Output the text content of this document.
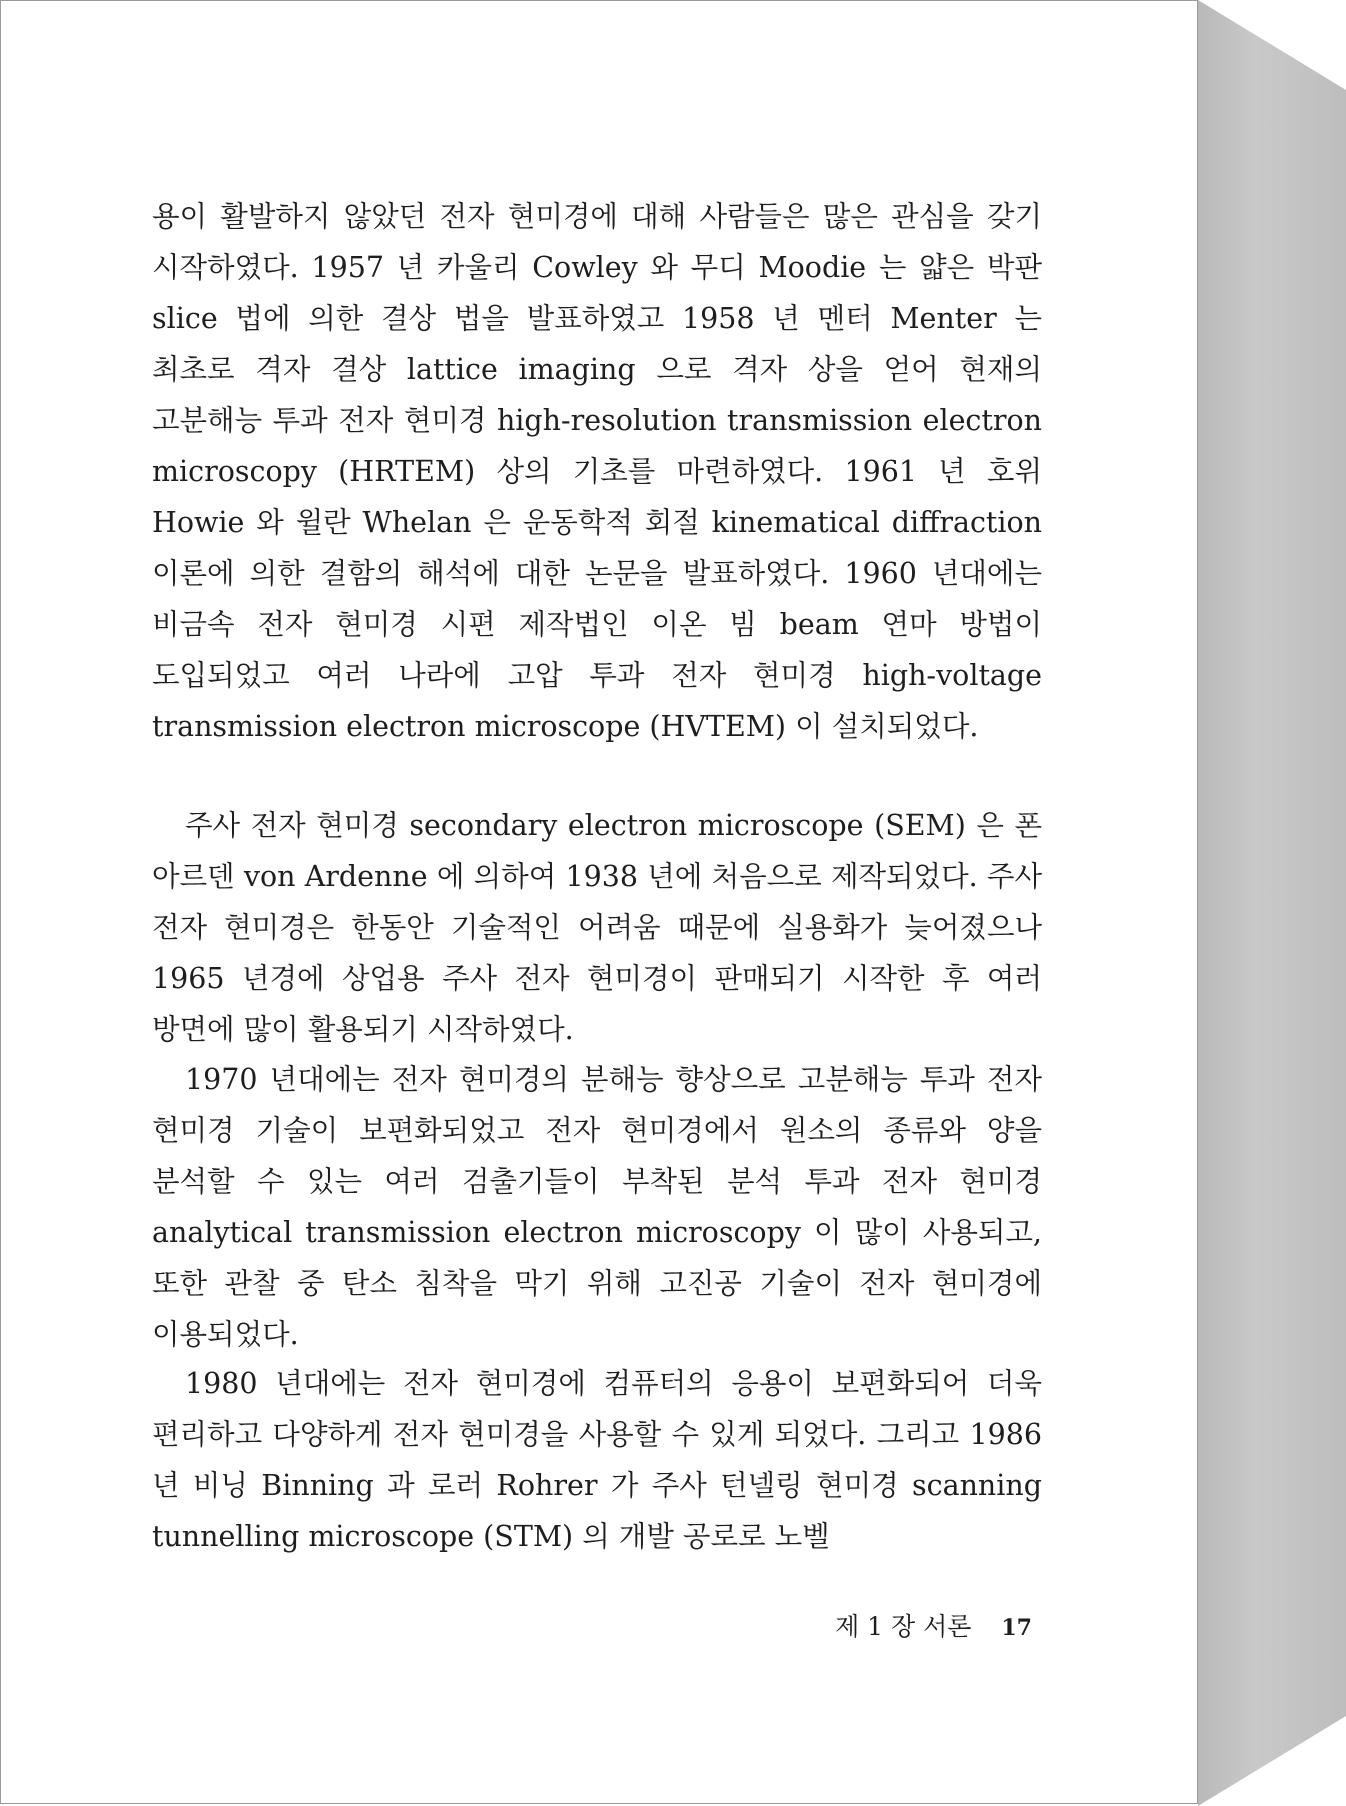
용이 활발하지 않았던 전자 현미경에 대해 사람들은 많은 관심을 갖기 시작하였다. 1957 년 카울리 Cowley 와 무디 Moodie 는 얇은 박판 slice 법에 의한 결상 법을 발표하였고 1958 년 멘터 Menter 는 최초로 격자 결상 lattice imaging 으로 격자 상을 얻어 현재의 고분해능 투과 전자 현미경 high-resolution transmission electron microscopy (HRTEM) 상의 기초를 마련하였다. 1961 년 호위 Howie 와 윌란 Whelan 은 운동학적 회절 kinematical diffraction 이론에 의한 결함의 해석에 대한 논문을 발표하였다. 1960 년대에는 비금속 전자 현미경 시편 제작법인 이온 빔 beam 연마 방법이 도입되었고 여러 나라에 고압 투과 전자 현미경 high-voltage transmission electron microscope (HVTEM) 이 설치되었다.

주사 전자 현미경 secondary electron microscope (SEM) 은 폰 아르덴 von Ardenne 에 의하여 1938 년에 처음으로 제작되었다. 주사 전자 현미경은 한동안 기술적인 어려움 때문에 실용화가 늦어졌으나 1965 년경에 상업용 주사 전자 현미경이 판매되기 시작한 후 여러 방면에 많이 활용되기 시작하였다.

1970 년대에는 전자 현미경의 분해능 향상으로 고분해능 투과 전자 현미경 기술이 보편화되었고 전자 현미경에서 원소의 종류와 양을 분석할 수 있는 여러 검출기들이 부착된 분석 투과 전자 현미경 analytical transmission electron microscopy 이 많이 사용되고, 또한 관찰 중 탄소 침착을 막기 위해 고진공 기술이 전자 현미경에 이용되었다.

1980 년대에는 전자 현미경에 컴퓨터의 응용이 보편화되어 더욱 편리하고 다양하게 전자 현미경을 사용할 수 있게 되었다. 그리고 1986 년 비닝 Binning 과 로러 Rohrer 가 주사 턴넬링 현미경 scanning tunnelling microscope (STM) 의 개발 공로로 노벨

제 1 장 서론 17
